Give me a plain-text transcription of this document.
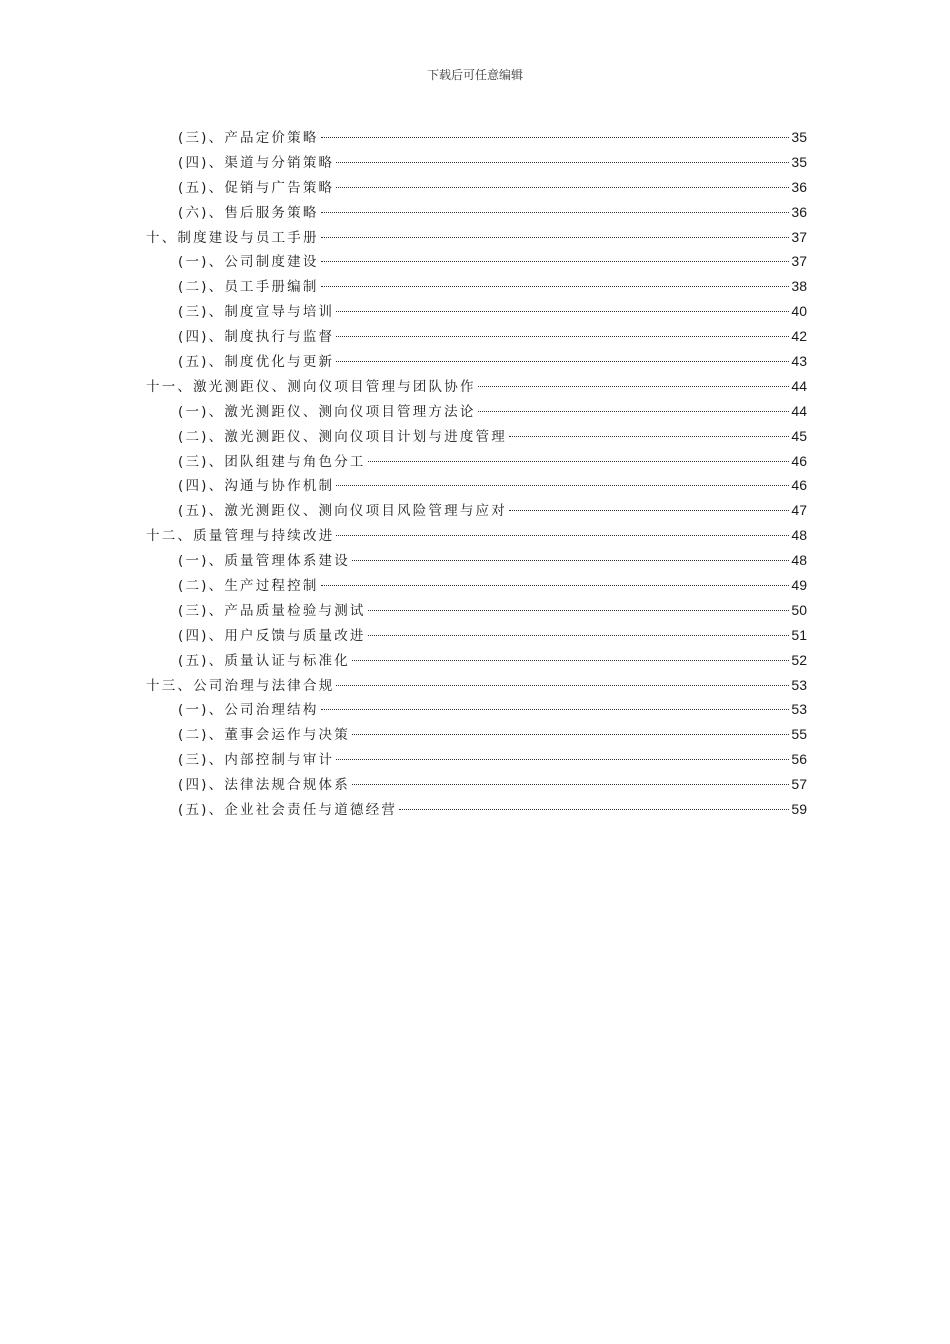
下载后可任意编辑
(三)、产品定价策略	35
(四)、渠道与分销策略	35
(五)、促销与广告策略	36
(六)、售后服务策略	36
十、制度建设与员工手册	37
(一)、公司制度建设	37
(二)、员工手册编制	38
(三)、制度宣导与培训	40
(四)、制度执行与监督	42
(五)、制度优化与更新	43
十一、激光测距仪、测向仪项目管理与团队协作	44
(一)、激光测距仪、测向仪项目管理方法论	44
(二)、激光测距仪、测向仪项目计划与进度管理	45
(三)、团队组建与角色分工	46
(四)、沟通与协作机制	46
(五)、激光测距仪、测向仪项目风险管理与应对	47
十二、质量管理与持续改进	48
(一)、质量管理体系建设	48
(二)、生产过程控制	49
(三)、产品质量检验与测试	50
(四)、用户反馈与质量改进	51
(五)、质量认证与标准化	52
十三、公司治理与法律合规	53
(一)、公司治理结构	53
(二)、董事会运作与决策	55
(三)、内部控制与审计	56
(四)、法律法规合规体系	57
(五)、企业社会责任与道德经营	59
